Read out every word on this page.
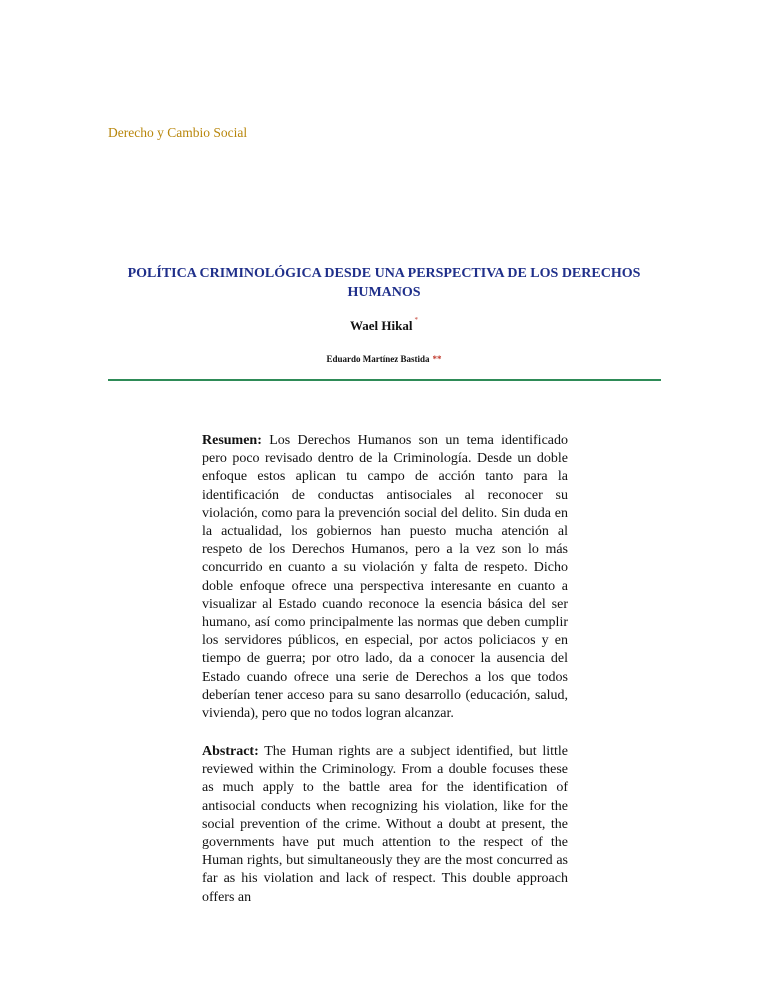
Derecho y Cambio Social
POLÍTICA CRIMINOLÓGICA DESDE UNA PERSPECTIVA DE LOS DERECHOS HUMANOS
Wael Hikal *
Eduardo Martínez Bastida **
Resumen: Los Derechos Humanos son un tema identificado pero poco revisado dentro de la Criminología. Desde un doble enfoque estos aplican tu campo de acción tanto para la identificación de conductas antisociales al reconocer su violación, como para la prevención social del delito. Sin duda en la actualidad, los gobiernos han puesto mucha atención al respeto de los Derechos Humanos, pero a la vez son lo más concurrido en cuanto a su violación y falta de respeto. Dicho doble enfoque ofrece una perspectiva interesante en cuanto a visualizar al Estado cuando reconoce la esencia básica del ser humano, así como principalmente las normas que deben cumplir los servidores públicos, en especial, por actos policiacos y en tiempo de guerra; por otro lado, da a conocer la ausencia del Estado cuando ofrece una serie de Derechos a los que todos deberían tener acceso para su sano desarrollo (educación, salud, vivienda), pero que no todos logran alcanzar.
Abstract: The Human rights are a subject identified, but little reviewed within the Criminology. From a double focuses these as much apply to the battle area for the identification of antisocial conducts when recognizing his violation, like for the social prevention of the crime. Without a doubt at present, the governments have put much attention to the respect of the Human rights, but simultaneously they are the most concurred as far as his violation and lack of respect. This double approach offers an
